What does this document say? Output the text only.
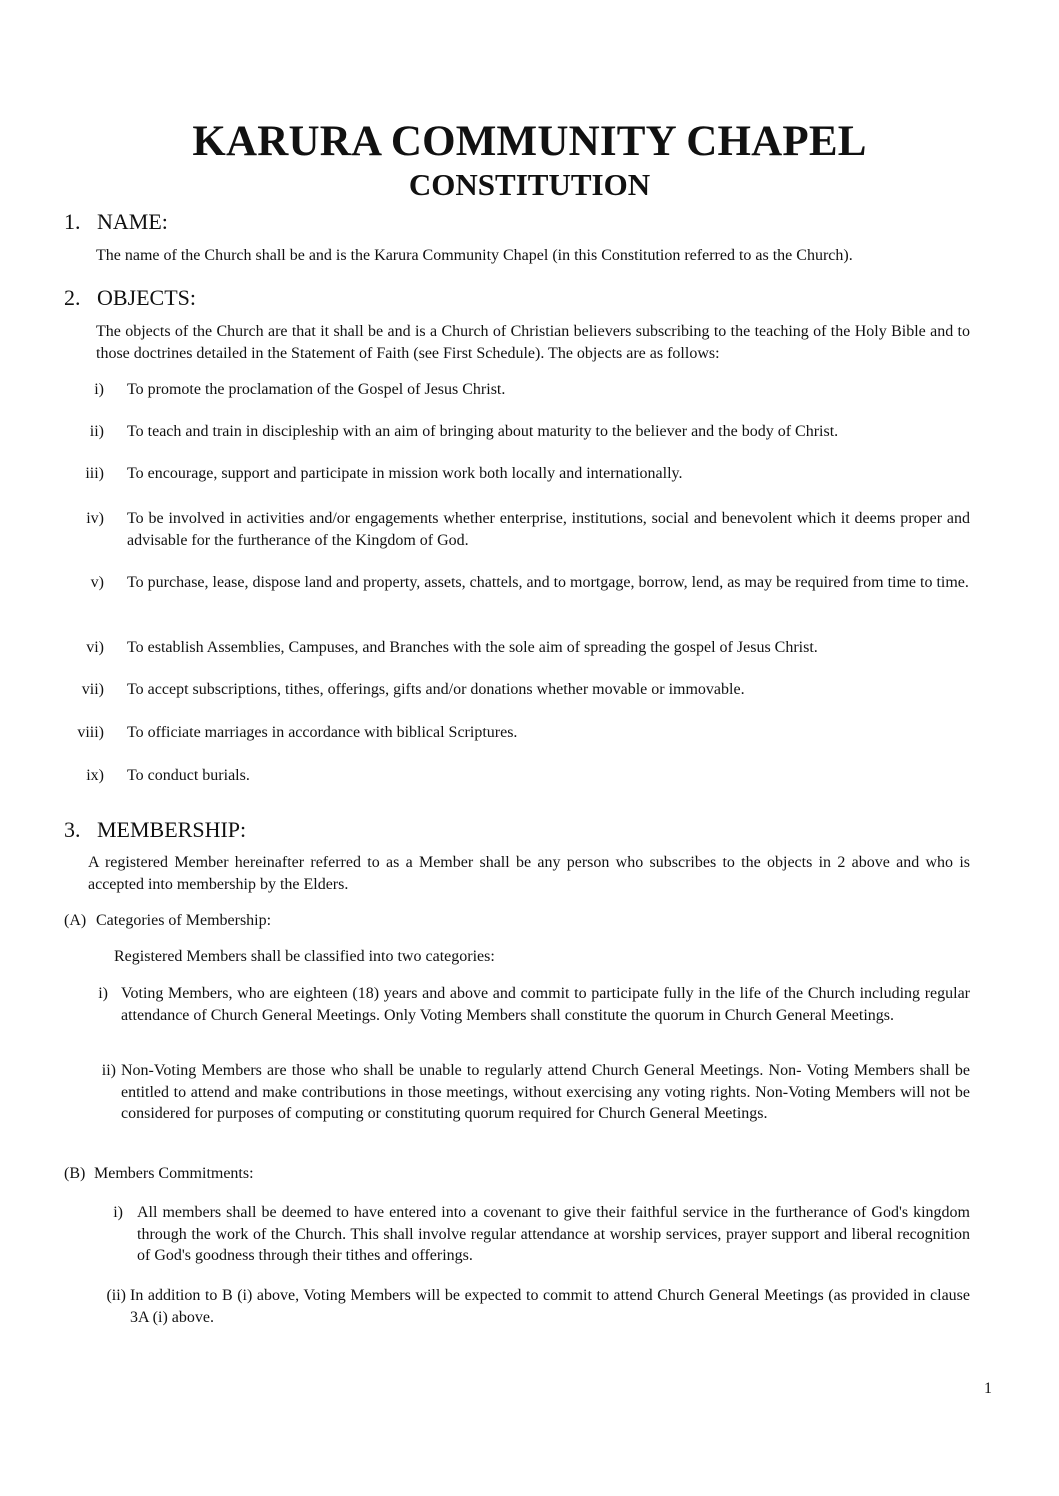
KARURA COMMUNITY CHAPEL
CONSTITUTION
1. NAME:
The name of the Church shall be and is the Karura Community Chapel (in this Constitution referred to as the Church).
2. OBJECTS:
The objects of the Church are that it shall be and is a Church of Christian believers subscribing to the teaching of the Holy Bible and to those doctrines detailed in the Statement of Faith (see First Schedule). The objects are as follows:
i) To promote the proclamation of the Gospel of Jesus Christ.
ii) To teach and train in discipleship with an aim of bringing about maturity to the believer and the body of Christ.
iii) To encourage, support and participate in mission work both locally and internationally.
iv) To be involved in activities and/or engagements whether enterprise, institutions, social and benevolent which it deems proper and advisable for the furtherance of the Kingdom of God.
v) To purchase, lease, dispose land and property, assets, chattels, and to mortgage, borrow, lend, as may be required from time to time.
vi) To establish Assemblies, Campuses, and Branches with the sole aim of spreading the gospel of Jesus Christ.
vii) To accept subscriptions, tithes, offerings, gifts and/or donations whether movable or immovable.
viii) To officiate marriages in accordance with biblical Scriptures.
ix) To conduct burials.
3. MEMBERSHIP:
A registered Member hereinafter referred to as a Member shall be any person who subscribes to the objects in 2 above and who is accepted into membership by the Elders.
(A) Categories of Membership:
Registered Members shall be classified into two categories:
i) Voting Members, who are eighteen (18) years and above and commit to participate fully in the life of the Church including regular attendance of Church General Meetings. Only Voting Members shall constitute the quorum in Church General Meetings.
ii) Non-Voting Members are those who shall be unable to regularly attend Church General Meetings. Non- Voting Members shall be entitled to attend and make contributions in those meetings, without exercising any voting rights. Non-Voting Members will not be considered for purposes of computing or constituting quorum required for Church General Meetings.
(B) Members Commitments:
i) All members shall be deemed to have entered into a covenant to give their faithful service in the furtherance of God's kingdom through the work of the Church. This shall involve regular attendance at worship services, prayer support and liberal recognition of God's goodness through their tithes and offerings.
(ii) In addition to B (i) above, Voting Members will be expected to commit to attend Church General Meetings (as provided in clause 3A (i) above.
1
